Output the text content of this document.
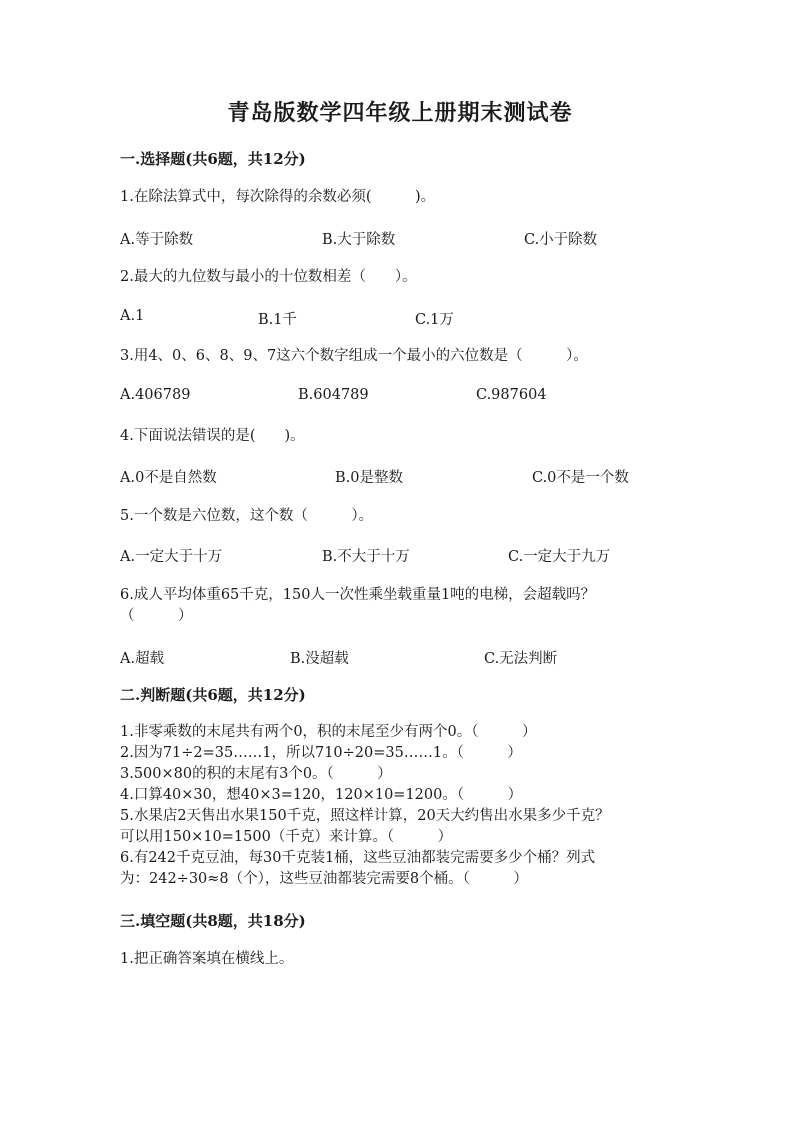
青岛版数学四年级上册期末测试卷
一.选择题(共6题，共12分)
1.在除法算式中，每次除得的余数必须(　　　)。
A.等于除数	B.大于除数	C.小于除数
2.最大的九位数与最小的十位数相差（　　）。
A.1	B.1千	C.1万
3.用4、0、6、8、9、7这六个数字组成一个最小的六位数是（　　　）。
A.406789	B.604789	C.987604
4.下面说法错误的是(　　)。
A.0不是自然数	B.0是整数	C.0不是一个数
5.一个数是六位数，这个数（　　　）。
A.一定大于十万	B.不大于十万	C.一定大于九万
6.成人平均体重65千克，150人一次性乘坐载重量1吨的电梯，会超载吗？
（　　　）
A.超载	B.没超载	C.无法判断
二.判断题(共6题，共12分)
1.非零乘数的末尾共有两个0，积的末尾至少有两个0。（　　　）
2.因为71÷2=35……1，所以710÷20=35……1。（　　　）
3.500×80的积的末尾有3个0。（　　　）
4.口算40×30，想40×3=120，120×10=1200。（　　　）
5.水果店2天售出水果150千克，照这样计算，20天大约售出水果多少千克？
可以用150×10=1500（千克）来计算。（　　　）
6.有242千克豆油，每30千克装1桶，这些豆油都装完需要多少个桶？列式
为：242÷30≈8（个），这些豆油都装完需要8个桶。（　　　）
三.填空题(共8题，共18分)
1.把正确答案填在横线上。
